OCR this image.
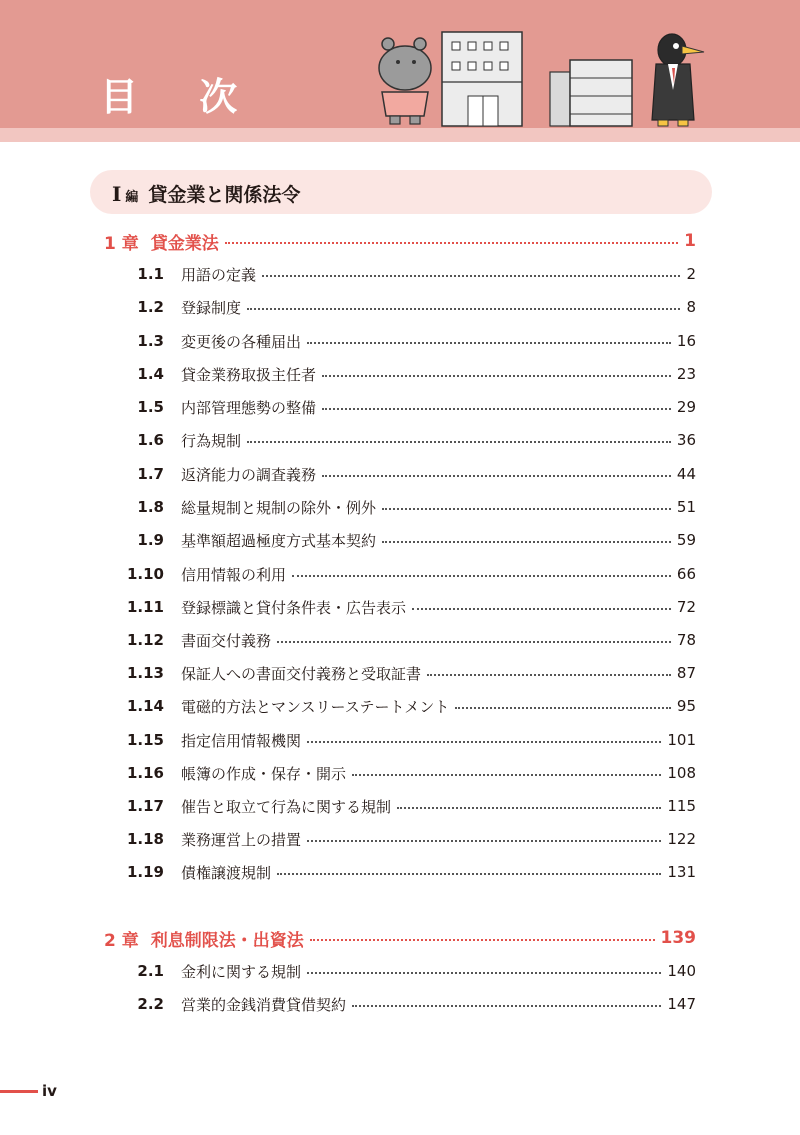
目 次
I 編 貸金業と関係法令
1 章 貸金業法	1
1.1 用語の定義	2
1.2 登録制度	8
1.3 変更後の各種届出	16
1.4 貸金業務取扱主任者	23
1.5 内部管理態勢の整備	29
1.6 行為規制	36
1.7 返済能力の調査義務	44
1.8 総量規制と規制の除外・例外	51
1.9 基準額超過極度方式基本契約	59
1.10 信用情報の利用	66
1.11 登録標識と貸付条件表・広告表示	72
1.12 書面交付義務	78
1.13 保証人への書面交付義務と受取証書	87
1.14 電磁的方法とマンスリーステートメント	95
1.15 指定信用情報機関	101
1.16 帳簿の作成・保存・開示	108
1.17 催告と取立て行為に関する規制	115
1.18 業務運営上の措置	122
1.19 債権譲渡規制	131
2 章 利息制限法・出資法	139
2.1 金利に関する規制	140
2.2 営業的金銭消費貸借契約	147
iv
